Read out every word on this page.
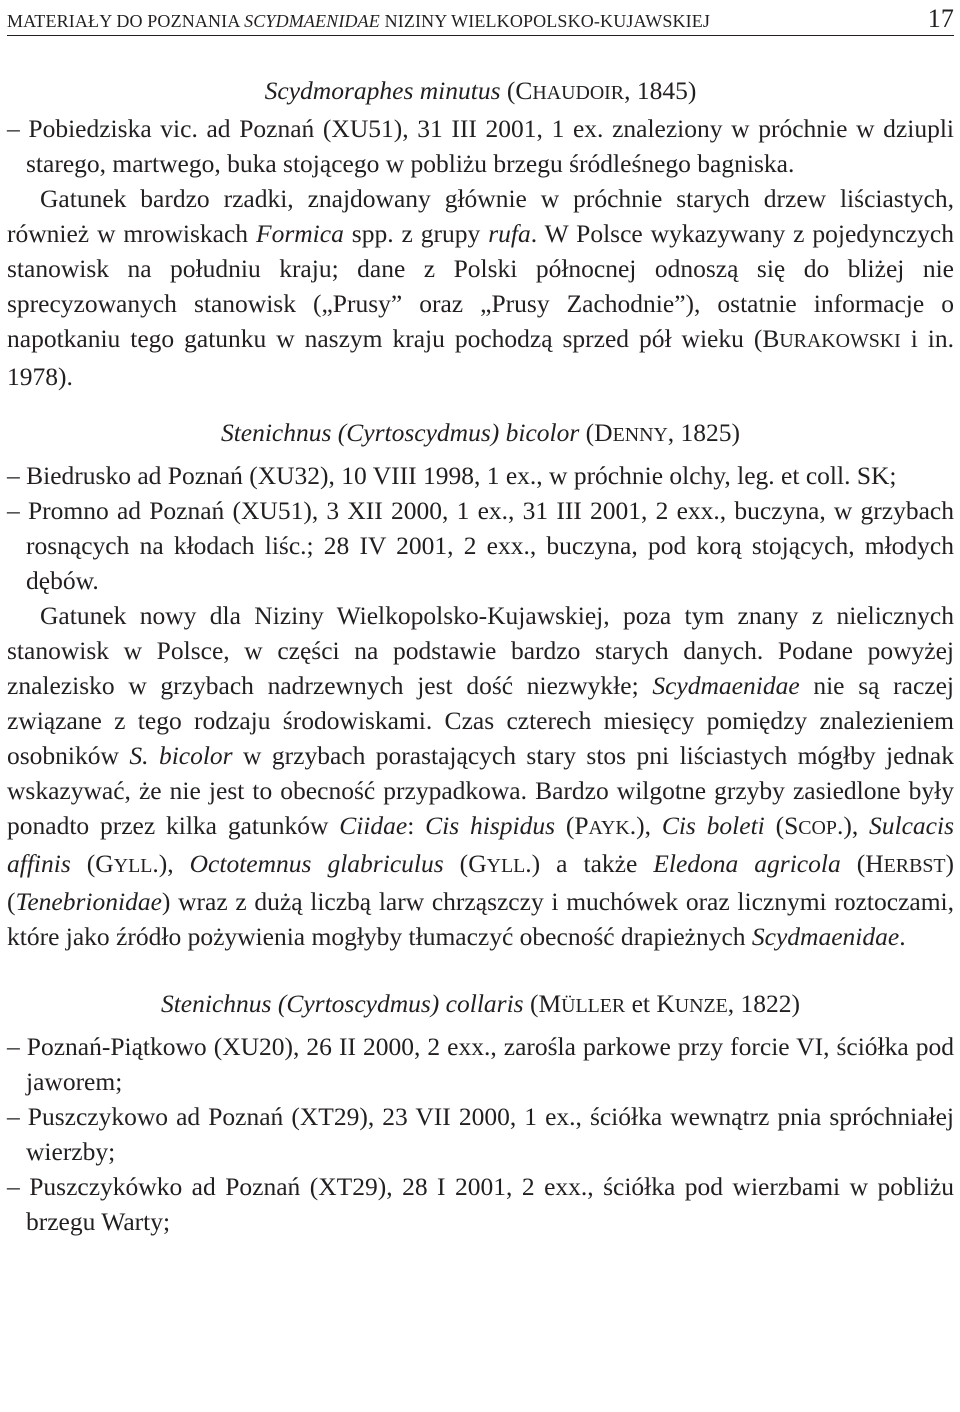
MATERIAŁY DO POZNANIA SCYDMAENIDAE NIZINY WIELKOPOLSKO-KUJAWSKIEJ	17

Scydmoraphes minutus (CHAUDOIR, 1845)

– Pobiedziska vic. ad Poznań (XU51), 31 III 2001, 1 ex. znaleziony w próchnie w dziupli starego, martwego, buka stojącego w pobliżu brzegu śródleśnego bagniska.

Gatunek bardzo rzadki, znajdowany głównie w próchnie starych drzew liściastych, również w mrowiskach Formica spp. z grupy rufa. W Polsce wykazywany z pojedynczych stanowisk na południu kraju; dane z Polski północnej odnoszą się do bliżej nie sprecyzowanych stanowisk („Prusy” oraz „Prusy Zachodnie”), ostatnie informacje o napotkaniu tego gatunku w naszym kraju pochodzą sprzed pół wieku (BURAKOWSKI i in. 1978).

Stenichnus (Cyrtoscydmus) bicolor (DENNY, 1825)

– Biedrusko ad Poznań (XU32), 10 VIII 1998, 1 ex., w próchnie olchy, leg. et coll. SK;

– Promno ad Poznań (XU51), 3 XII 2000, 1 ex., 31 III 2001, 2 exx., buczyna, w grzybach rosnących na kłodach liśc.; 28 IV 2001, 2 exx., buczyna, pod korą stojących, młodych dębów.

Gatunek nowy dla Niziny Wielkopolsko-Kujawskiej, poza tym znany z nielicznych stanowisk w Polsce, w części na podstawie bardzo starych danych. Podane powyżej znalezisko w grzybach nadrzewnych jest dość niezwykłe; Scydmaenidae nie są raczej związane z tego rodzaju środowiskami. Czas czterech miesięcy pomiędzy znalezieniem osobników S. bicolor w grzybach porastających stary stos pni liściastych mógłby jednak wskazywać, że nie jest to obecność przypadkowa. Bardzo wilgotne grzyby zasiedlone były ponadto przez kilka gatunków Ciidae: Cis hispidus (PAYK.), Cis boleti (SCOP.), Sulcacis affinis (GYLL.), Octotemnus glabriculus (GYLL.) a także Eledona agricola (HERBST) (Tenebrionidae) wraz z dużą liczbą larw chrząszczy i muchówek oraz licznymi roztoczami, które jako źródło pożywienia mogłyby tłumaczyć obecność drapieżnych Scydmaenidae.

Stenichnus (Cyrtoscydmus) collaris (MÜLLER et KUNZE, 1822)

– Poznań-Piątkowo (XU20), 26 II 2000, 2 exx., zarośla parkowe przy forcie VI, ściółka pod jaworem;

– Puszczykowo ad Poznań (XT29), 23 VII 2000, 1 ex., ściółka wewnątrz pnia spróchniałej wierzby;

– Puszczykówko ad Poznań (XT29), 28 I 2001, 2 exx., ściółka pod wierzbami w pobliżu brzegu Warty;
